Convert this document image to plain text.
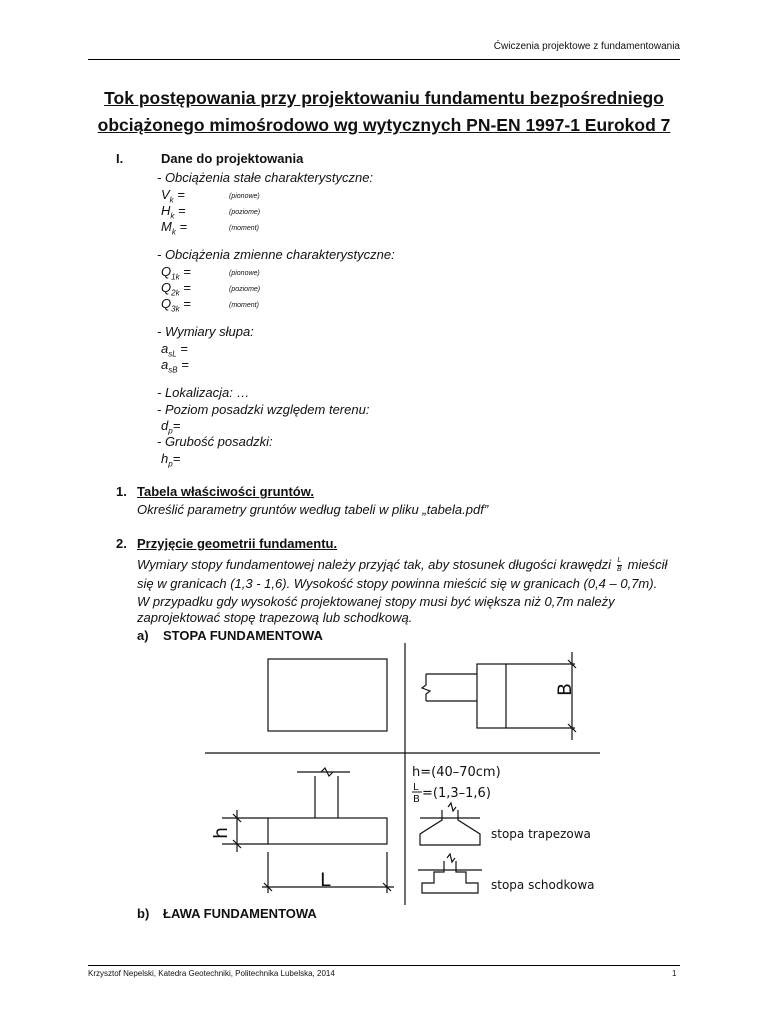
Ćwiczenia projektowe z fundamentowania
Tok postępowania przy projektowaniu fundamentu bezpośredniego
obciążonego mimośrodowo wg wytycznych PN-EN 1997-1 Eurokod 7
I.	Dane do projektowania
- Obciążenia stałe charakterystyczne:
$V_k$ =	(pionowe)
$H_k$ =	(poziome)
$M_k$ =	(moment)
- Obciążenia zmienne charakterystyczne:
$Q_{1k}$ =	(pionowe)
$Q_{2k}$ =	(poziome)
$Q_{3k}$ =	(moment)
- Wymiary słupa:
$a_{sL}$ =
$a_{sB}$ =
- Lokalizacja: …
- Poziom posadzki względem terenu:
$d_p=$
- Grubość posadzki:
$h_p=$
1. Tabela właściwości gruntów.
Określić parametry gruntów według tabeli w pliku „tabela.pdf”
2. Przyjęcie geometrii fundamentu.
Wymiary stopy fundamentowej należy przyjąć tak, aby stosunek długości krawędzi $\frac{L}{B}$ mieścił
się w granicach (1,3 - 1,6). Wysokość stopy powinna mieścić się w granicach (0,4 – 0,7m).
W przypadku gdy wysokość projektowanej stopy musi być większa niż 0,7m należy
zaprojektować stopę trapezową lub schodkową.
a) STOPA FUNDAMENTOWA
B
h
L
h=(40–70cm)
L
B =(1,3–1,6)
stopa trapezowa
stopa schodkowa
b) ŁAWA FUNDAMENTOWA
Krzysztof Nepelski, Katedra Geotechniki, Politechnika Lubelska, 2014	1
